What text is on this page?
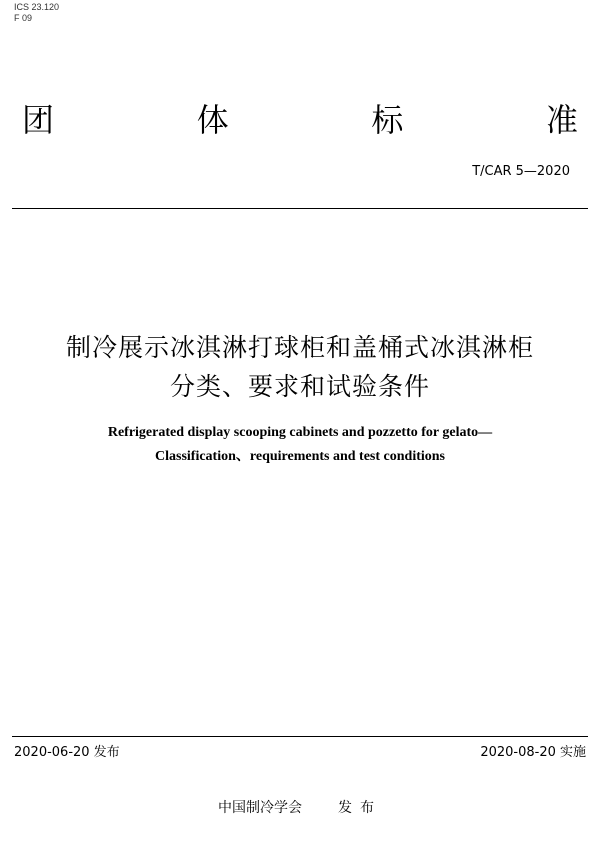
ICS 23.120
F 09
团	体	标	准
T/CAR 5—2020
制冷展示冰淇淋打球柜和盖桶式冰淇淋柜
分类、要求和试验条件
Refrigerated display scooping cabinets and pozzetto for gelato—
Classification、requirements and test conditions
2020-06-20 发布	2020-08-20 实施
中国制冷学会	发布
